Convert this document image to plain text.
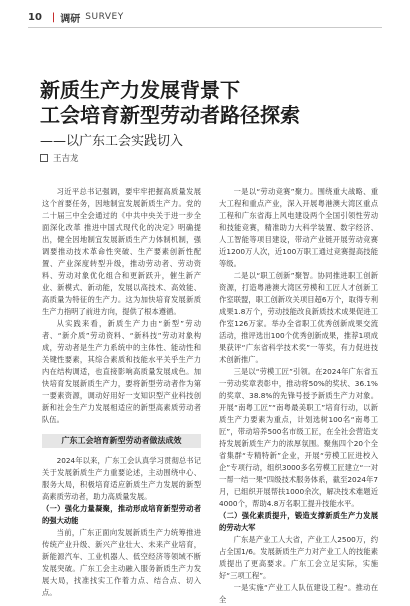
10 | 调研 SURVEY
新质生产力发展背景下
工会培育新型劳动者路径探索
——以广东工会实践切入
王吉龙

习近平总书记强调，要牢牢把握高质量发展这个首要任务，因地制宜发展新质生产力。党的二十届三中全会通过的《中共中央关于进一步全面深化改革 推进中国式现代化的决定》明确提出，健全因地制宜发展新质生产力体制机制，强调要推动技术革命性突破、生产要素创新性配置、产业深度转型升级，推动劳动者、劳动资料、劳动对象优化组合和更新跃升，催生新产业、新模式、新动能，发展以高技术、高效能、高质量为特征的生产力。这为加快培育发展新质生产力指明了前进方向，提供了根本遵循。

从实践来看，新质生产力由“新型”劳动者、“新介质”劳动资料、“新科技”劳动对象构成，劳动者是生产力系统中的主体性、能动性和关键性要素，其综合素质和技能水平关乎生产力内在结构调适，也直接影响高质量发展成色。加快培育发展新质生产力，要将新型劳动者作为第一要素资源，调动好用好一支知识型产业科技创新和社会生产力发展相适应的新型高素质劳动者队伍。

广东工会培育新型劳动者做法成效

2024年以来，广东工会认真学习贯彻总书记关于发展新质生产力重要论述，主动围绕中心、服务大局，积极培育适应新质生产力发展的新型高素质劳动者，助力高质量发展。

（一）强化力量凝聚，推动形成培育新型劳动者的强大动能

当前，广东正面向发展新质生产力统筹推进传统产业升级、新兴产业壮大、未来产业培育，新能源汽车、工业机器人、低空经济等领域不断发展突破。广东工会主动融入服务新质生产力发展大局，找准找实工作着力点、结合点、切入点。

一是以“劳动竞赛”聚力。围绕重大战略、重大工程和重点产业，深入开展粤港澳大湾区重点工程和广东省海上风电建设两个全国引领性劳动和技能竞赛，精准助力大科学装置、数字经济、人工智能等项目建设，带动产业链开展劳动竞赛近1200万人次，近100万职工通过竞赛提高技能等级。

二是以“职工创新”聚智。协同推进职工创新资源，打造粤港澳大湾区劳模和工匠人才创新工作室联盟，职工创新攻关项目超6万个，取得专利成果1.8万个，劳动技能改良新质技术成果促进工作室126万家。举办全省职工优秀创新成果交流活动，推评选出100个优秀创新成果，推荐1项成果获评“广东省科学技术奖”一等奖，有力促进技术创新推广。

三是以“劳模工匠”引领。在2024年广东省五一劳动奖章表彰中，推动将50%的奖状、36.1%的奖章、38.8%的先锋号授予新质生产力对象。开展“南粤工匠”“南粤最美职工”培育行动，以新质生产力要素为重点，计划选树100名“南粤工匠”，带动培养500名市级工匠，在全社会营造支持发展新质生产力的浓厚氛围。聚焦四个20个全省集群“专精特新”企业，开展“劳模工匠进校入企”专项行动，组织3000多名劳模工匠建立“一对一帮一结一果”四级技术服务体系，截至2024年7月，已组织开展帮扶1000余次，解决技术难题近4000个，帮助4.8万名职工提升技能水平。

（二）强化素质提升，锻造支撑新质生产力发展的劳动大军

广东是产业工人大省，产业工人2500万，约占全国1/6。发展新质生产力对产业工人的技能素质提出了更高要求。广东工会立足实际，实施好“三项工程”。

一是实施“产业工人队伍建设工程”。推动在全
